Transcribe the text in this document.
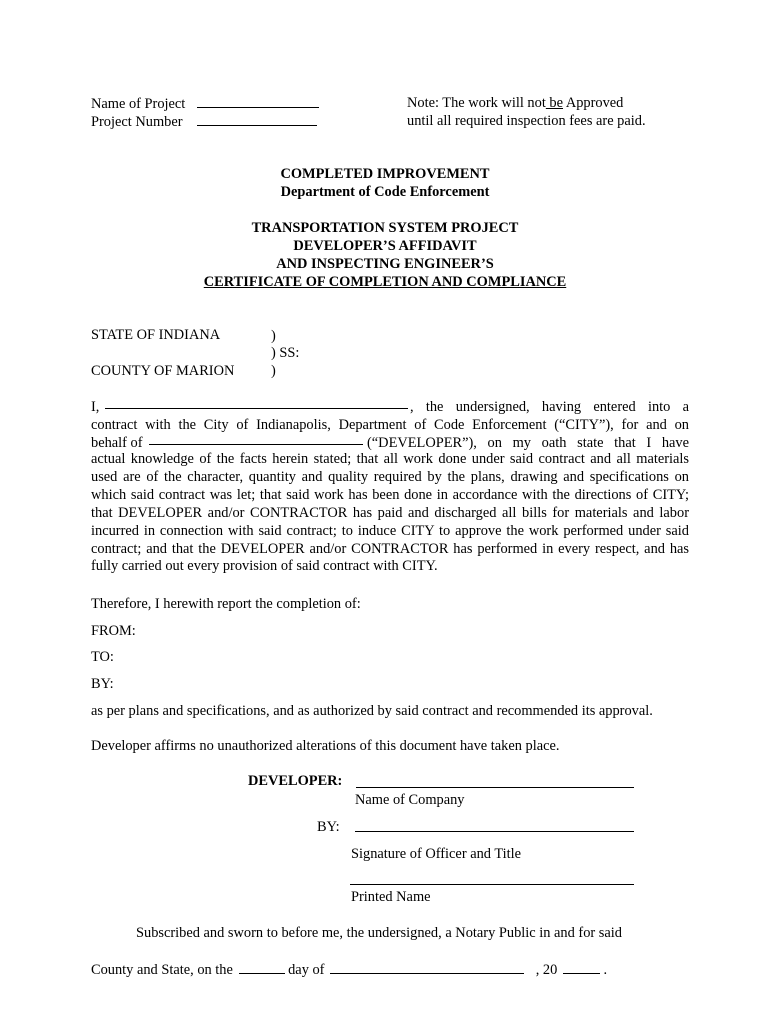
Name of Project
Project Number
Note: The work will not be Approved
until all required inspection fees are paid.
COMPLETED IMPROVEMENT
Department of Code Enforcement
TRANSPORTATION SYSTEM PROJECT
DEVELOPER’S AFFIDAVIT
AND INSPECTING ENGINEER’S
CERTIFICATE OF COMPLETION AND COMPLIANCE
STATE OF INDIANA	)
) SS:
COUNTY OF MARION	)
I,	, the undersigned, having entered into a
contract with the City of Indianapolis, Department of Code Enforcement (“CITY”), for and on
behalf of	(“DEVELOPER”), on my oath state that I have
actual knowledge of the facts herein stated; that all work done under said contract and all materials used are of the character, quantity and quality required by the plans, drawing and specifications on which said contract was let; that said work has been done in accordance with the directions of CITY; that DEVELOPER and/or CONTRACTOR has paid and discharged all bills for materials and labor incurred in connection with said contract; to induce CITY to approve the work performed under said contract; and that the DEVELOPER and/or CONTRACTOR has performed in every respect, and has fully carried out every provision of said contract with CITY.
Therefore, I herewith report the completion of:
FROM:
TO:
BY:
as per plans and specifications, and as authorized by said contract and recommended its approval.
Developer affirms no unauthorized alterations of this document have taken place.
DEVELOPER:
Name of Company
BY:
Signature of Officer and Title
Printed Name
Subscribed and sworn to before me, the undersigned, a Notary Public in and for said
County and State, on the	day of	, 20	.
